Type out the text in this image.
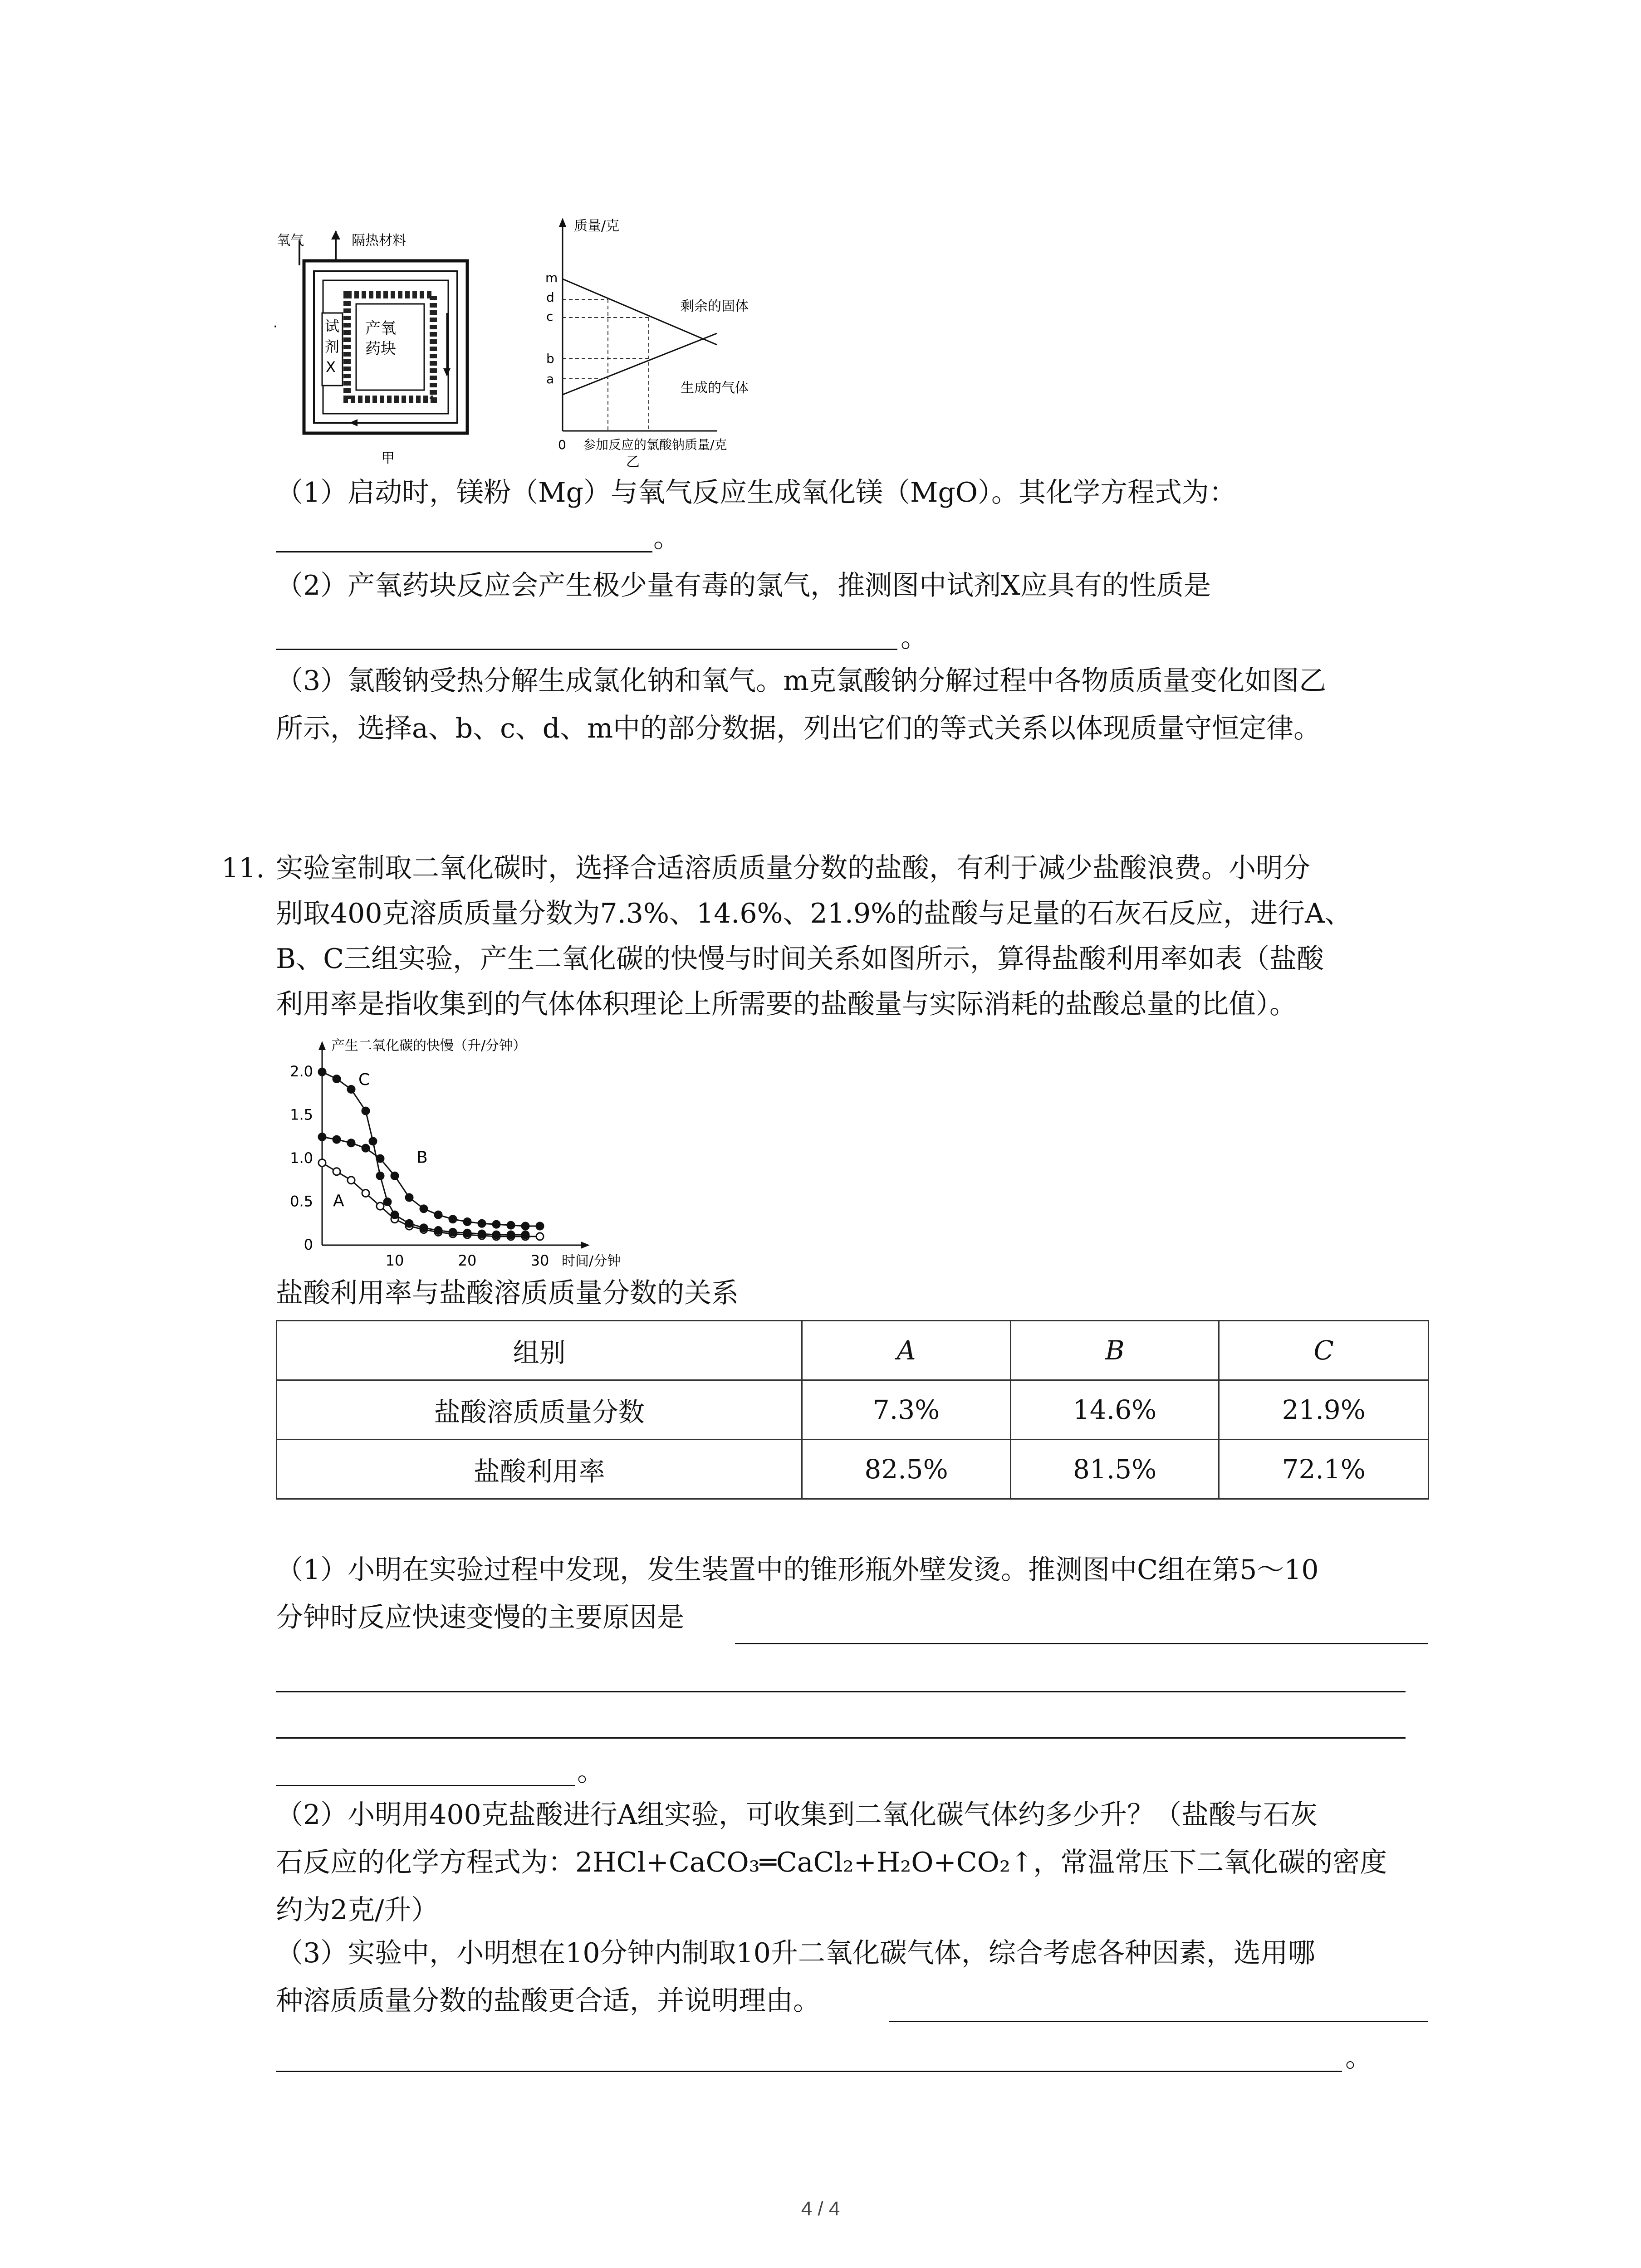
氧气	隔热材料
产氧
药块
试
剂
X
·
甲
质量/克
m
d
c
b
a
0
剩余的固体
生成的气体
参加反应的氯酸钠质量/克
乙
（1）启动时，镁粉（Mg）与氧气反应生成氧化镁（MgO）。其化学方程式为：
。
（2）产氧药块反应会产生极少量有毒的氯气，推测图中试剂X应具有的性质是
。
（3）氯酸钠受热分解生成氯化钠和氧气。m克氯酸钠分解过程中各物质质量变化如图乙
所示，选择a、b、c、d、m中的部分数据，列出它们的等式关系以体现质量守恒定律。
11. 实验室制取二氧化碳时，选择合适溶质质量分数的盐酸，有利于减少盐酸浪费。小明分
别取400克溶质质量分数为7.3%、14.6%、21.9%的盐酸与足量的石灰石反应，进行A、
B、C三组实验，产生二氧化碳的快慢与时间关系如图所示，算得盐酸利用率如表（盐酸
利用率是指收集到的气体体积理论上所需要的盐酸量与实际消耗的盐酸总量的比值）。
产生二氧化碳的快慢（升/分钟）
2.0
1.5
1.0
0.5
0
10	20	30 时间/分钟
A
B
C
盐酸利用率与盐酸溶质质量分数的关系
组别	A	B	C
盐酸溶质质量分数	7.3%	14.6%	21.9%
盐酸利用率	82.5%	81.5%	72.1%
（1）小明在实验过程中发现，发生装置中的锥形瓶外壁发烫。推测图中C组在第5～10
分钟时反应快速变慢的主要原因是
。
（2）小明用400克盐酸进行A组实验，可收集到二氧化碳气体约多少升？（盐酸与石灰
石反应的化学方程式为：2HCl+CaCO₃═CaCl₂+H₂O+CO₂↑，常温常压下二氧化碳的密度
约为2克/升）
（3）实验中，小明想在10分钟内制取10升二氧化碳气体，综合考虑各种因素，选用哪
种溶质质量分数的盐酸更合适，并说明理由。
。
4 / 4
